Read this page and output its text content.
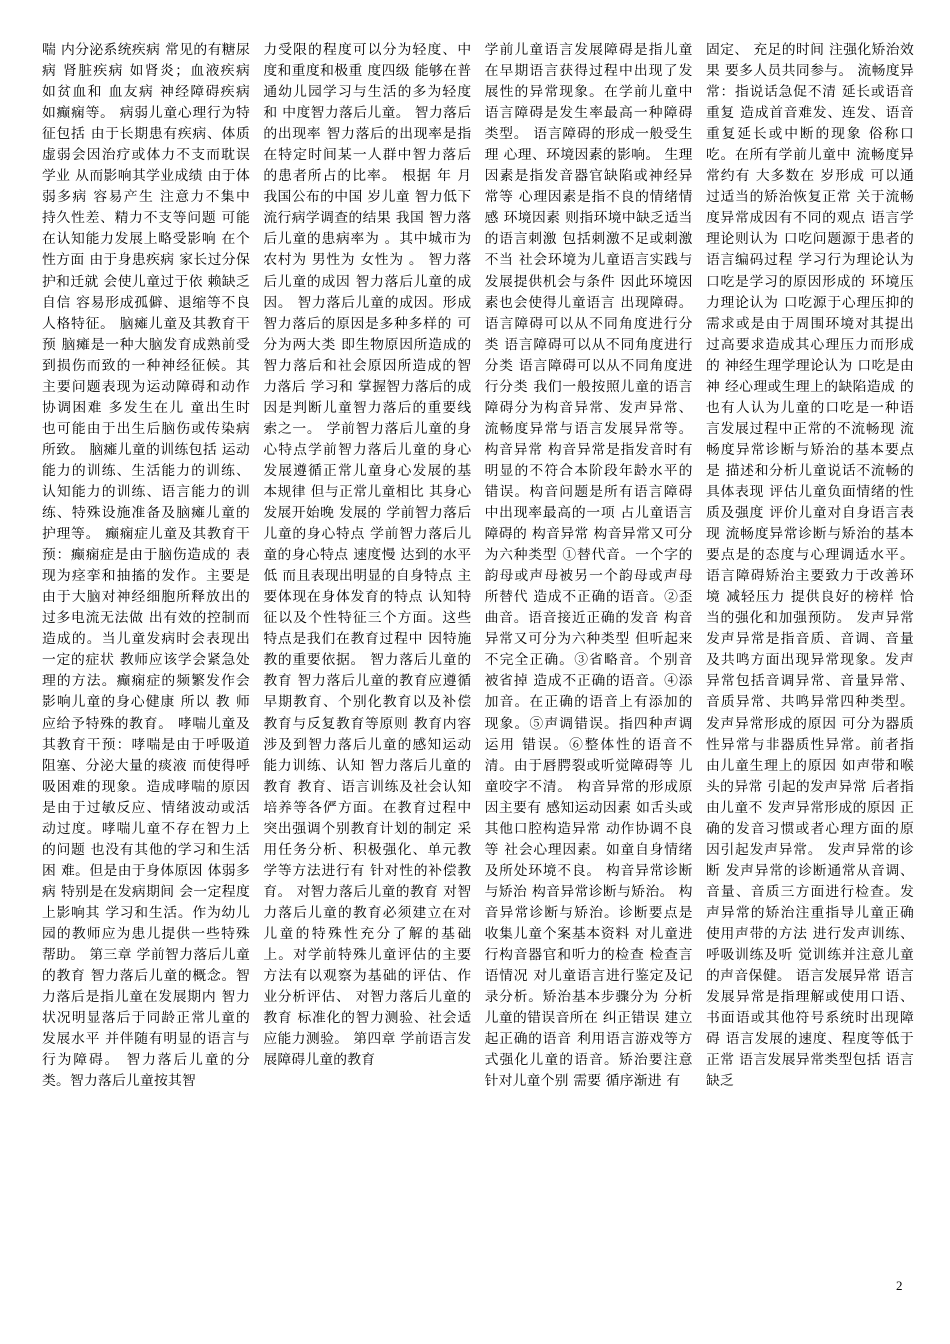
喘 内分泌系统疾病 常见的有糖尿病 肾脏疾病 如肾炎；血液疾病 如贫血和 血友病 神经障碍疾病 如癫痫等。 病弱儿童心理行为特征包括 由于长期患有疾病、体质虚弱会因治疗或体力不支而耽误学业 从而影响其学业成绩 由于体弱多病 容易产生 注意力不集中 持久性差、精力不支等问题 可能在认知能力发展上略受影响 在个性方面 由于身患疾病 家长过分保护和迁就 会使儿童过于依 赖缺乏自信 容易形成孤僻、退缩等不良人格特征。 脑瘫儿童及其教育干预 脑瘫是一种大脑发育成熟前受到损伤而致的一种神经征候。其主要问题表现为运动障碍和动作协调困难 多发生在儿 童出生时 也可能由于出生后脑伤或传染病所致。 脑瘫儿童的训练包括 运动能力的训练、生活能力的训练、认知能力的训练、语言能力的训练、特殊设施准备及脑瘫儿童的护理等。 癫痫症儿童及其教育干预：癫痫症是由于脑伤造成的 表现为痉挛和抽搐的发作。主要是由于大脑对神经细胞所释放出的过多电流无法做 出有效的控制而造成的。当儿童发病时会表现出一定的症状 教师应该学会紧急处理的方法。癫痫症的频繁发作会影响儿童的身心健康 所以 教 师应给予特殊的教育。 哮喘儿童及其教育干预：哮喘是由于呼吸道阻塞、分泌大量的痰液 而使得呼吸困难的现象。造成哮喘的原因是由于过敏反应、情绪波动或活动过度。哮喘儿童不存在智力上的问题 也没有其他的学习和生活困 难。但是由于身体原因 体弱多病 特别是在发病期间 会一定程度上影响其 学习和生活。作为幼儿园的教师应为患儿提供一些特殊帮助。 第三章 学前智力落后儿童的教育 智力落后儿童的概念。智力落后是指儿童在发展期内 智力状况明显落后于同龄正常儿童的发展水平 并伴随有明显的语言与行为障碍。 智力落后儿童的分类。智力落后儿童按其智

力受限的程度可以分为轻度、中度和重度和极重 度四级 能够在普通幼儿园学习与生活的多为轻度和 中度智力落后儿童。 智力落后的出现率 智力落后的出现率是指在特定时间某一人群中智力落后的患者所占的比率。 根据 年 月我国公布的中国 岁儿童 智力低下流行病学调查的结果 我国 智力落后儿童的患病率为 。其中城市为 农村为 男性为 女性为 。 智力落后儿童的成因 智力落后儿童的成因。 智力落后儿童的成因。形成智力落后的原因是多种多样的 可分为两大类 即生物原因所造成的智力落后和社会原因所造成的智力落后 学习和 掌握智力落后的成因是判断儿童智力落后的重要线索之一。 学前智力落后儿童的身心特点学前智力落后儿童的身心发展遵循正常儿童身心发展的基本规律 但与正常儿童相比 其身心发展开始晚 发展的 学前智力落后儿童的身心特点 学前智力落后儿童的身心特点 速度慢 达到的水平低 而且表现出明显的自身特点 主要体现在身体发育的特点 认知特征以及个性特征三个方面。这些特点是我们在教育过程中 因特施教的重要依据。 智力落后儿童的教育 智力落后儿童的教育应遵循早期教育、个别化教育以及补偿教育与反复教育等原则 教育内容涉及到智力落后儿童的感知运动能力训练、认知 智力落后儿童的教育 教育、语言训练及社会认知培养等各俨方面。在教育过程中 突出强调个别教育计划的制定 采用任务分析、积极强化、单元教学等方法进行有 针对性的补偿教育。 对智力落后儿童的教育 对智力落后儿童的教育必须建立在对儿童的特殊性充分了解的基础上。对学前特殊儿童评估的主要方法有以观察为基础的评估、作业分析评估、 对智力落后儿童的教育 标准化的智力测验、社会适应能力测验。 第四章 学前语言发展障碍儿童的教育

学前儿童语言发展障碍是指儿童在早期语言获得过程中出现了发展性的异常现象。在学前儿童中 语言障碍是发生率最高一种障碍类型。 语言障碍的形成一般受生理 心理、环境因素的影响。 生理因素是指发音器官缺陷或神经异常等 心理因素是指不良的情绪情感 环境因素 则指环境中缺乏适当的语言刺激 包括刺激不足或刺激不当 社会环境为儿童语言实践与发展提供机会与条件 因此环境因素也会使得儿童语言 出现障碍。 语言障碍可以从不同角度进行分类 语言障碍可以从不同角度进行分类 语言障碍可以从不同角度进行分类 我们一般按照儿童的语言障碍分为构音异常、发声异常、流畅度异常与语言发展异常等。 构音异常 构音异常是指发音时有明显的不符合本阶段年龄水平的错误。构音问题是所有语言障碍中出现率最高的一项 占儿童语言障碍的 构音异常 构音异常又可分为六种类型 ①替代音。一个字的韵母或声母被另一个韵母或声母所替代 造成不正确的语音。②歪曲音。语音接近正确的发音 构音异常又可分为六种类型 但听起来不完全正确。③省略音。个别音被省掉 造成不正确的语音。④添加音。在正确的语音上有添加的现象。⑤声调错误。指四种声调运用 错误。⑥整体性的语音不清。由于唇腭裂或听觉障碍等 儿童咬字不清。 构音异常的形成原因主要有 感知运动因素 如舌头或其他口腔构造异常 动作协调不良等 社会心理因素。如童自身情绪及所处环境不良。 构音异常诊断与矫治 构音异常诊断与矫治。 构音异常诊断与矫治。诊断要点是收集儿童个案基本资料 对儿童进行构音器官和听力的检查 检查言语情况 对儿童语言进行鉴定及记录分析。矫治基本步骤分为 分析儿童的错误音所在 纠正错误 建立起正确的语音 利用语言游戏等方式强化儿童的语音。矫治要注意针对儿童个别 需要 循序渐进 有

固定、 充足的时间 注强化矫治效果 要多人员共同参与。 流畅度异常：指说话急促不清 延长或语音重复 造成首音难发、连发、语音重复延长或中断的现象 俗称口吃。在所有学前儿童中 流畅度异 常约有 大多数在 岁形成 可以通过适当的矫治恢复正常 关于流畅度异常成因有不同的观点 语言学理论则认为 口吃问题源于患者的语言编码过程 学习行为理论认为 口吃是学习的原因形成的 环境压力理论认为 口吃源于心理压抑的需求或是由于周围环境对其提出过高要求造成其心理压力而形成的 神经生理学理论认为 口吃是由神 经心理或生理上的缺陷造成 的 也有人认为儿童的口吃是一种语言发展过程中正常的不流畅现 流畅度异常诊断与矫治的基本要点是 描述和分析儿童说话不流畅的具体表现 评估儿童负面情绪的性质及强度 评价儿童对自身语言表现 流畅度异常诊断与矫治的基本要点是的态度与心理调适水平。语言障碍矫治主要致力于改善环境 减轻压力 提供良好的榜样 恰当的强化和加强预防。 发声异常 发声异常是指音质、音调、音量及共鸣方面出现异常现象。发声异常包括音调异常、音量异常、音质异常、共鸣异常四种类型。 发声异常形成的原因 可分为器质性异常与非器质性异常。前者指由儿童生理上的原因 如声带和喉头的异常 引起的发声异常 后者指由儿童不 发声异常形成的原因 正确的发音习惯或者心理方面的原因引起发声异常。 发声异常的诊断 发声异常的诊断通常从音调、音量、音质三方面进行检查。发声异常的矫治注重指导儿童正确使用声带的方法 进行发声训练、呼吸训练及听 觉训练并注意儿童的声音保健。 语言发展异常 语言发展异常是指理解或使用口语、书面语或其他符号系统时出现障碍 语言发展的速度、程度等低于正常 语言发展异常类型包括 语言缺乏

2
